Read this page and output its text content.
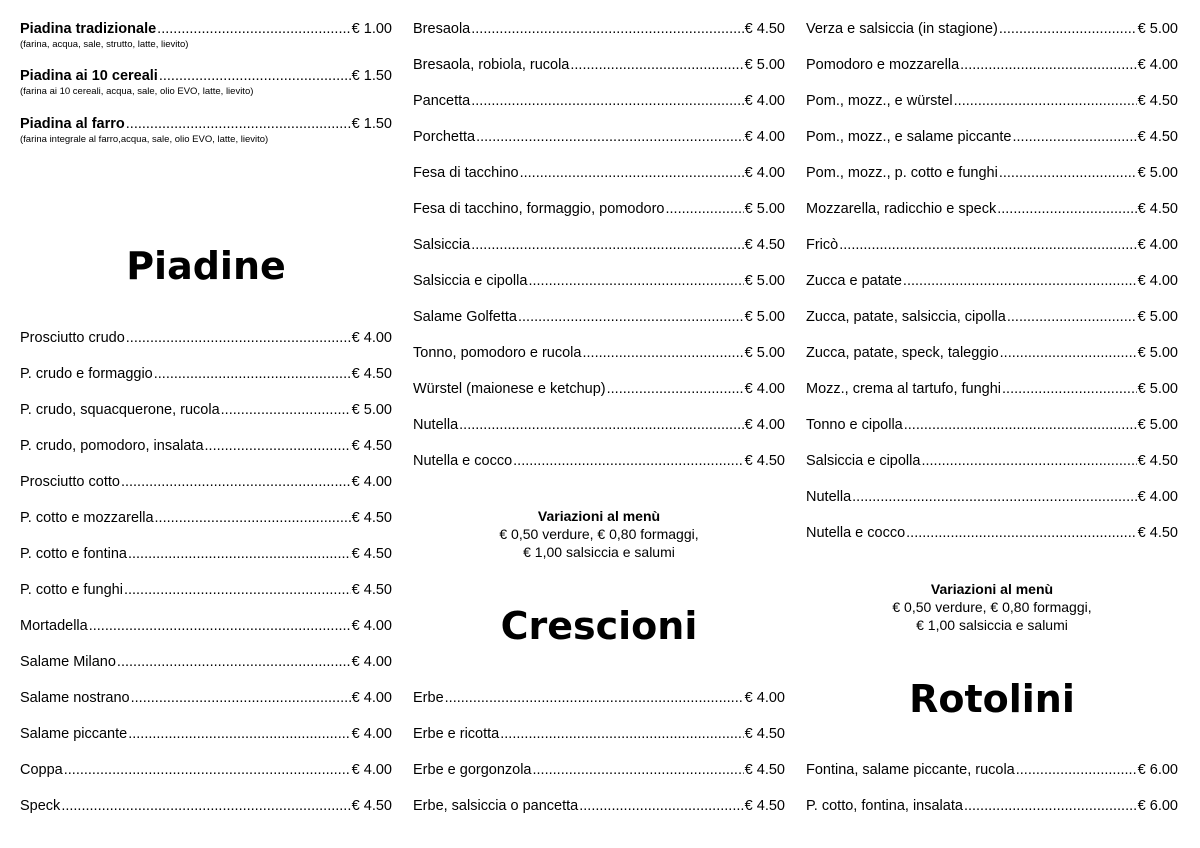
Piadina tradizionale .....	€ 1.00
(farina, acqua, sale, strutto, latte, lievito)
Piadina ai 10 cereali .....	€ 1.50
(farina ai 10 cereali, acqua, sale, olio EVO, latte, lievito)
Piadina al farro .....	€ 1.50
(farina integrale al farro,acqua, sale, olio EVO, latte, lievito)
Piadine
Prosciutto crudo .....	€ 4.00
P. crudo e formaggio .....	€ 4.50
P. crudo, squacquerone, rucola .....	€ 5.00
P. crudo, pomodoro, insalata .....	€ 4.50
Prosciutto cotto .....	€ 4.00
P. cotto e mozzarella .....	€ 4.50
P. cotto e fontina .....	€ 4.50
P. cotto e funghi .....	€ 4.50
Mortadella .....	€ 4.00
Salame Milano .....	€ 4.00
Salame nostrano .....	€ 4.00
Salame piccante .....	€ 4.00
Coppa .....	€ 4.00
Speck .....	€ 4.50
Bresaola .....	€ 4.50
Bresaola, robiola, rucola .....	€ 5.00
Pancetta .....	€ 4.00
Porchetta .....	€ 4.00
Fesa di tacchino .....	€ 4.00
Fesa di tacchino, formaggio, pomodoro .....	€ 5.00
Salsiccia .....	€ 4.50
Salsiccia e cipolla .....	€ 5.00
Salame Golfetta .....	€ 5.00
Tonno, pomodoro e rucola .....	€ 5.00
Würstel (maionese e ketchup) .....	€ 4.00
Nutella .....	€ 4.00
Nutella e cocco .....	€ 4.50
Variazioni al menù
€ 0,50 verdure, € 0,80 formaggi,
€ 1,00 salsiccia e salumi
Crescioni
Erbe .....	€ 4.00
Erbe e ricotta .....	€ 4.50
Erbe e gorgonzola .....	€ 4.50
Erbe, salsiccia o pancetta .....	€ 4.50
Verza e salsiccia (in stagione) .....	€ 5.00
Pomodoro e mozzarella .....	€ 4.00
Pom., mozz., e würstel .....	€ 4.50
Pom., mozz., e salame piccante .....	€ 4.50
Pom., mozz., p. cotto e funghi .....	€ 5.00
Mozzarella, radicchio e speck .....	€ 4.50
Fricò .....	€ 4.00
Zucca e patate .....	€ 4.00
Zucca, patate, salsiccia, cipolla .....	€ 5.00
Zucca, patate, speck, taleggio .....	€ 5.00
Mozz., crema al tartufo, funghi .....	€ 5.00
Tonno e cipolla .....	€ 5.00
Salsiccia e cipolla .....	€ 4.50
Nutella .....	€ 4.00
Nutella e cocco .....	€ 4.50
Variazioni al menù
€ 0,50 verdure, € 0,80 formaggi,
€ 1,00 salsiccia e salumi
Rotolini
Fontina, salame piccante, rucola .....	€ 6.00
P. cotto, fontina, insalata .....	€ 6.00
